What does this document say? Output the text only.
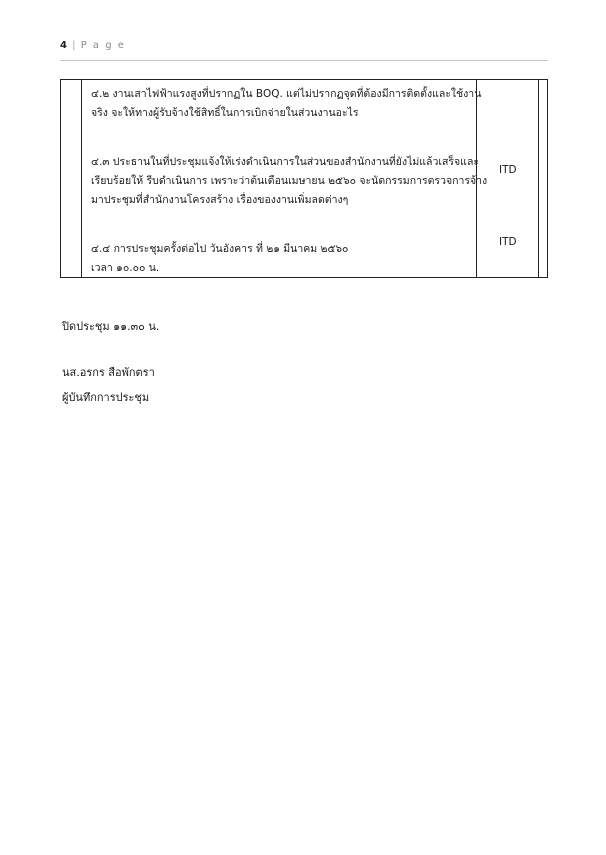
4 | P a g e
๔.๒ งานเสาไฟฟ้าแรงสูงที่ปรากฏใน BOQ. แต่ไม่ปรากฏจุดที่ต้องมีการติดตั้งและใช้งาน
จริง จะให้ทางผู้รับจ้างใช้สิทธิ์ในการเบิกจ่ายในส่วนงานอะไร
๔.๓ ประธานในที่ประชุมแจ้งให้เร่งดำเนินการในส่วนของสำนักงานที่ยังไม่แล้วเสร็จและ
เรียบร้อยให้ รีบดำเนินการ เพราะว่าต้นเดือนเมษายน ๒๕๖๐ จะนัดกรรมการตรวจการจ้าง
มาประชุมที่สำนักงานโครงสร้าง เรื่องของงานเพิ่มลดต่างๆ
ITD
๔.๔ การประชุมครั้งต่อไป วันอังคาร ที่ ๒๑ มีนาคม ๒๕๖๐
เวลา ๑๐.๐๐ น.
ITD
ปิดประชุม ๑๑.๓๐ น.
นส.อรกร สือพักตรา
ผู้บันทึกการประชุม
